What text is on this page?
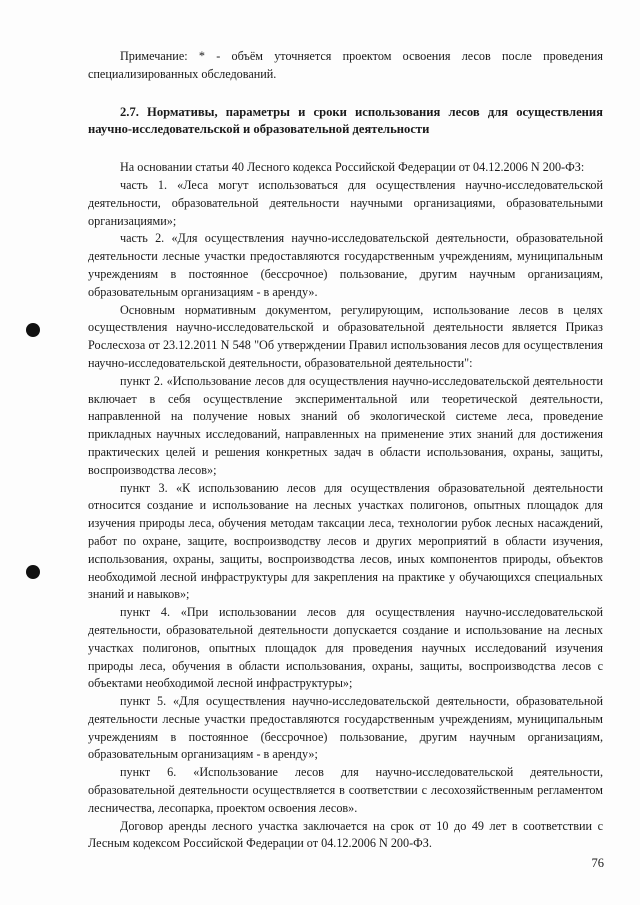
Примечание: * - объём уточняется проектом освоения лесов после проведения специализированных обследований.

2.7. Нормативы, параметры и сроки использования лесов для осуществления научно-исследовательской и образовательной деятельности

На основании статьи 40 Лесного кодекса Российской Федерации от 04.12.2006 N 200-ФЗ:

часть 1. «Леса могут использоваться для осуществления научно-исследовательской деятельности, образовательной деятельности научными организациями, образовательными организациями»;

часть 2. «Для осуществления научно-исследовательской деятельности, образовательной деятельности лесные участки предоставляются государственным учреждениям, муниципальным учреждениям в постоянное (бессрочное) пользование, другим научным организациям, образовательным организациям - в аренду».

Основным нормативным документом, регулирующим, использование лесов в целях осуществления научно-исследовательской и образовательной деятельности является Приказ Рослесхоза от 23.12.2011 N 548 "Об утверждении Правил использования лесов для осуществления научно-исследовательской деятельности, образовательной деятельности":

пункт 2. «Использование лесов для осуществления научно-исследовательской деятельности включает в себя осуществление экспериментальной или теоретической деятельности, направленной на получение новых знаний об экологической системе леса, проведение прикладных научных исследований, направленных на применение этих знаний для достижения практических целей и решения конкретных задач в области использования, охраны, защиты, воспроизводства лесов»;

пункт 3. «К использованию лесов для осуществления образовательной деятельности относится создание и использование на лесных участках полигонов, опытных площадок для изучения природы леса, обучения методам таксации леса, технологии рубок лесных насаждений, работ по охране, защите, воспроизводству лесов и других мероприятий в области изучения, использования, охраны, защиты, воспроизводства лесов, иных компонентов природы, объектов необходимой лесной инфраструктуры для закрепления на практике у обучающихся специальных знаний и навыков»;

пункт 4. «При использовании лесов для осуществления научно-исследовательской деятельности, образовательной деятельности допускается создание и использование на лесных участках полигонов, опытных площадок для проведения научных исследований изучения природы леса, обучения в области использования, охраны, защиты, воспроизводства лесов с объектами необходимой лесной инфраструктуры»;

пункт 5. «Для осуществления научно-исследовательской деятельности, образовательной деятельности лесные участки предоставляются государственным учреждениям, муниципальным учреждениям в постоянное (бессрочное) пользование, другим научным организациям, образовательным организациям - в аренду»;

пункт 6. «Использование лесов для научно-исследовательской деятельности, образовательной деятельности осуществляется в соответствии с лесохозяйственным регламентом лесничества, лесопарка, проектом освоения лесов».

Договор аренды лесного участка заключается на срок от 10 до 49 лет в соответствии с Лесным кодексом Российской Федерации от 04.12.2006 N 200-ФЗ.

76
